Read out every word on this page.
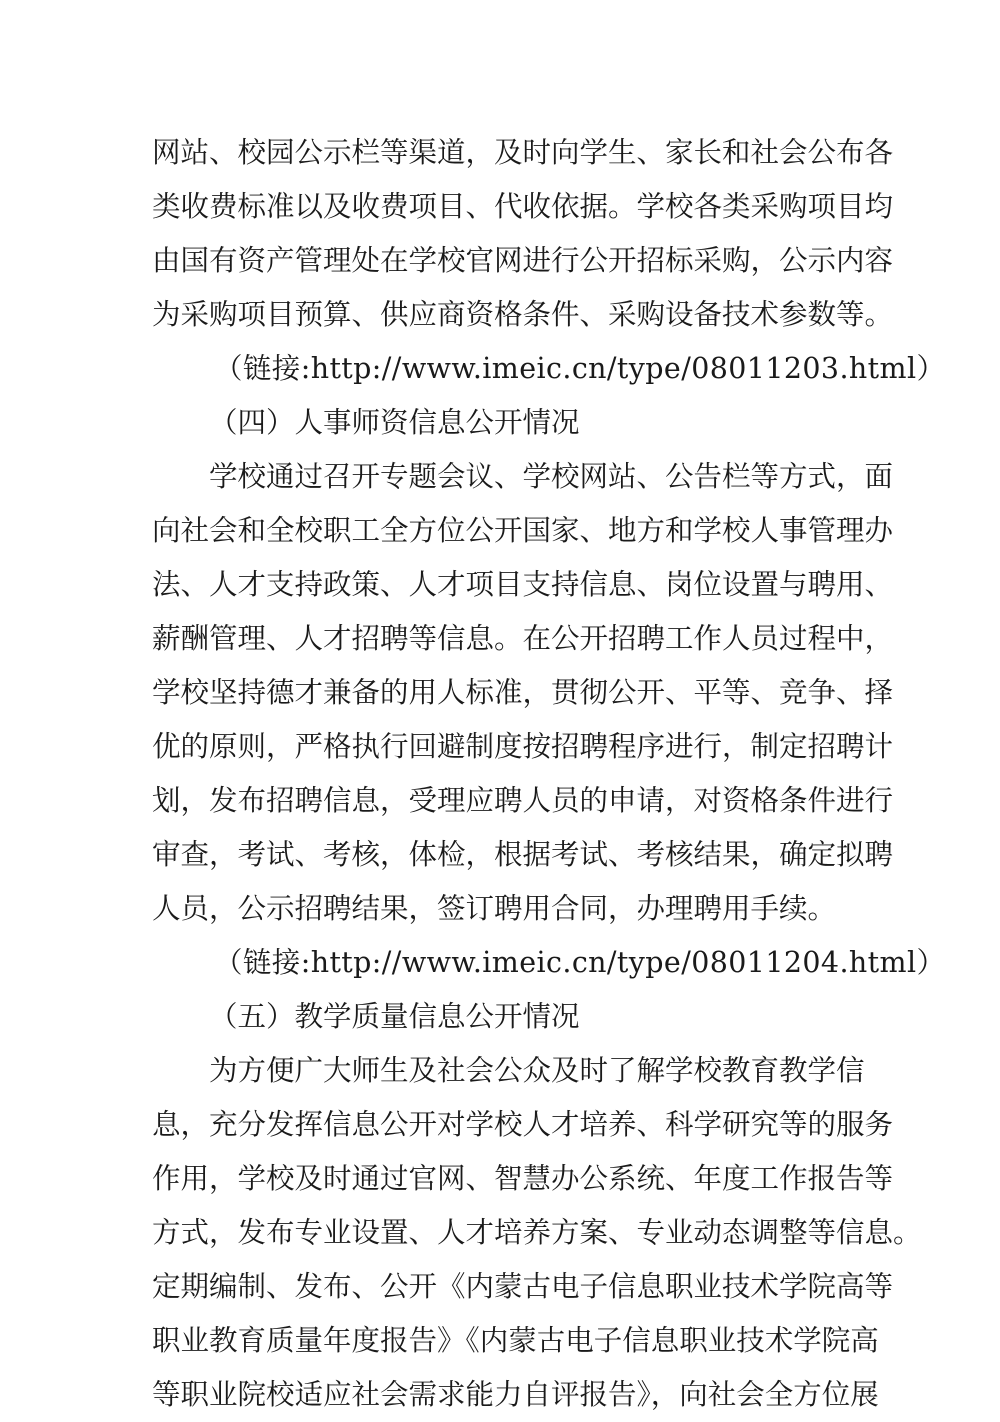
网站、校园公示栏等渠道，及时向学生、家长和社会公布各
类收费标准以及收费项目、代收依据。学校各类采购项目均
由国有资产管理处在学校官网进行公开招标采购，公示内容
为采购项目预算、供应商资格条件、采购设备技术参数等。
（链接:http://www.imeic.cn/type/08011203.html）
（四）人事师资信息公开情况
学校通过召开专题会议、学校网站、公告栏等方式，面
向社会和全校职工全方位公开国家、地方和学校人事管理办
法、人才支持政策、人才项目支持信息、岗位设置与聘用、
薪酬管理、人才招聘等信息。在公开招聘工作人员过程中，
学校坚持德才兼备的用人标准，贯彻公开、平等、竞争、择
优的原则，严格执行回避制度按招聘程序进行，制定招聘计
划，发布招聘信息，受理应聘人员的申请，对资格条件进行
审查，考试、考核，体检，根据考试、考核结果，确定拟聘
人员，公示招聘结果，签订聘用合同，办理聘用手续。
（链接:http://www.imeic.cn/type/08011204.html）
（五）教学质量信息公开情况
为方便广大师生及社会公众及时了解学校教育教学信
息，充分发挥信息公开对学校人才培养、科学研究等的服务
作用，学校及时通过官网、智慧办公系统、年度工作报告等
方式，发布专业设置、人才培养方案、专业动态调整等信息。
定期编制、发布、公开《内蒙古电子信息职业技术学院高等
职业教育质量年度报告》《内蒙古电子信息职业技术学院高
等职业院校适应社会需求能力自评报告》，向社会全方位展
